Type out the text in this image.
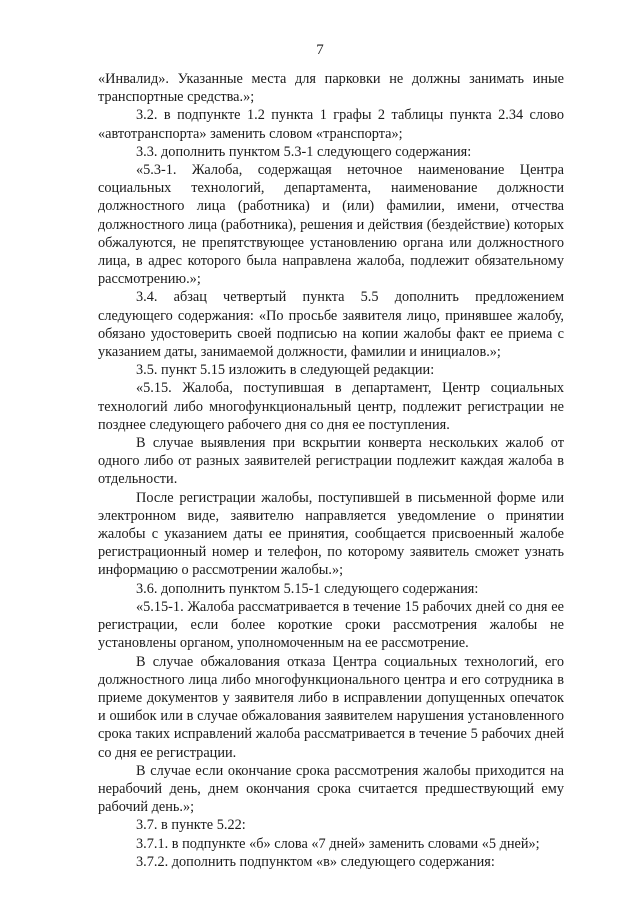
7

«Инвалид». Указанные места для парковки не должны занимать иные транспортные средства.»;

3.2. в подпункте 1.2 пункта 1 графы 2 таблицы пункта 2.34 слово «автотранспорта» заменить словом «транспорта»;

3.3. дополнить пунктом 5.3-1 следующего содержания:

«5.3-1. Жалоба, содержащая неточное наименование Центра социальных технологий, департамента, наименование должности должностного лица (работника) и (или) фамилии, имени, отчества должностного лица (работника), решения и действия (бездействие) которых обжалуются, не препятствующее установлению органа или должностного лица, в адрес которого была направлена жалоба, подлежит обязательному рассмотрению.»;

3.4. абзац четвертый пункта 5.5 дополнить предложением следующего содержания: «По просьбе заявителя лицо, принявшее жалобу, обязано удостоверить своей подписью на копии жалобы факт ее приема с указанием даты, занимаемой должности, фамилии и инициалов.»;

3.5. пункт 5.15 изложить в следующей редакции:

«5.15. Жалоба, поступившая в департамент, Центр социальных технологий либо многофункциональный центр, подлежит регистрации не позднее следующего рабочего дня со дня ее поступления.

В случае выявления при вскрытии конверта нескольких жалоб от одного либо от разных заявителей регистрации подлежит каждая жалоба в отдельности.

После регистрации жалобы, поступившей в письменной форме или электронном виде, заявителю направляется уведомление о принятии жалобы с указанием даты ее принятия, сообщается присвоенный жалобе регистрационный номер и телефон, по которому заявитель сможет узнать информацию о рассмотрении жалобы.»;

3.6. дополнить пунктом 5.15-1 следующего содержания:

«5.15-1. Жалоба рассматривается в течение 15 рабочих дней со дня ее регистрации, если более короткие сроки рассмотрения жалобы не установлены органом, уполномоченным на ее рассмотрение.

В случае обжалования отказа Центра социальных технологий, его должностного лица либо многофункционального центра и его сотрудника в приеме документов у заявителя либо в исправлении допущенных опечаток и ошибок или в случае обжалования заявителем нарушения установленного срока таких исправлений жалоба рассматривается в течение 5 рабочих дней со дня ее регистрации.

В случае если окончание срока рассмотрения жалобы приходится на нерабочий день, днем окончания срока считается предшествующий ему рабочий день.»;

3.7. в пункте 5.22:

3.7.1. в подпункте «б» слова «7 дней» заменить словами «5 дней»;

3.7.2. дополнить подпунктом «в» следующего содержания:
